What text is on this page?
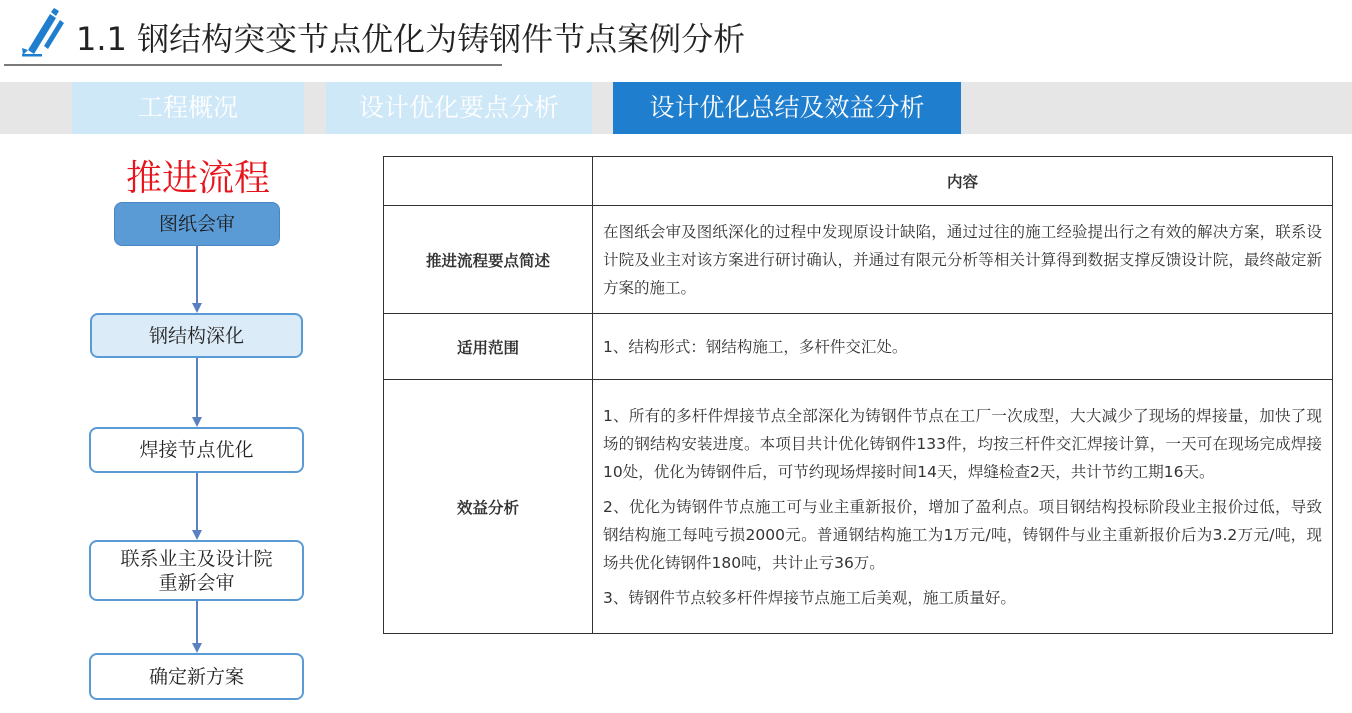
1.1 钢结构突变节点优化为铸钢件节点案例分析
工程概况	设计优化要点分析	设计优化总结及效益分析
推进流程
图纸会审
钢结构深化
焊接节点优化
联系业主及设计院
重新会审
确定新方案
	内容
推进流程要点简述	在图纸会审及图纸深化的过程中发现原设计缺陷，通过过往的施工经验提出行之有效的解决方案，联系设计院及业主对该方案进行研讨确认，并通过有限元分析等相关计算得到数据支撑反馈设计院，最终敲定新方案的施工。

适用范围	1、结构形式：钢结构施工，多杆件交汇处。

效益分析	1、所有的多杆件焊接节点全部深化为铸钢件节点在工厂一次成型，大大减少了现场的焊接量，加快了现场的钢结构安装进度。本项目共计优化铸钢件133件，均按三杆件交汇焊接计算，一天可在现场完成焊接10处，优化为铸钢件后，可节约现场焊接时间14天，焊缝检查2天，共计节约工期16天。

2、优化为铸钢件节点施工可与业主重新报价，增加了盈利点。项目钢结构投标阶段业主报价过低，导致钢结构施工每吨亏损2000元。普通钢结构施工为1万元/吨，铸钢件与业主重新报价后为3.2万元/吨，现场共优化铸钢件180吨，共计止亏36万。

3、铸钢件节点较多杆件焊接节点施工后美观，施工质量好。
